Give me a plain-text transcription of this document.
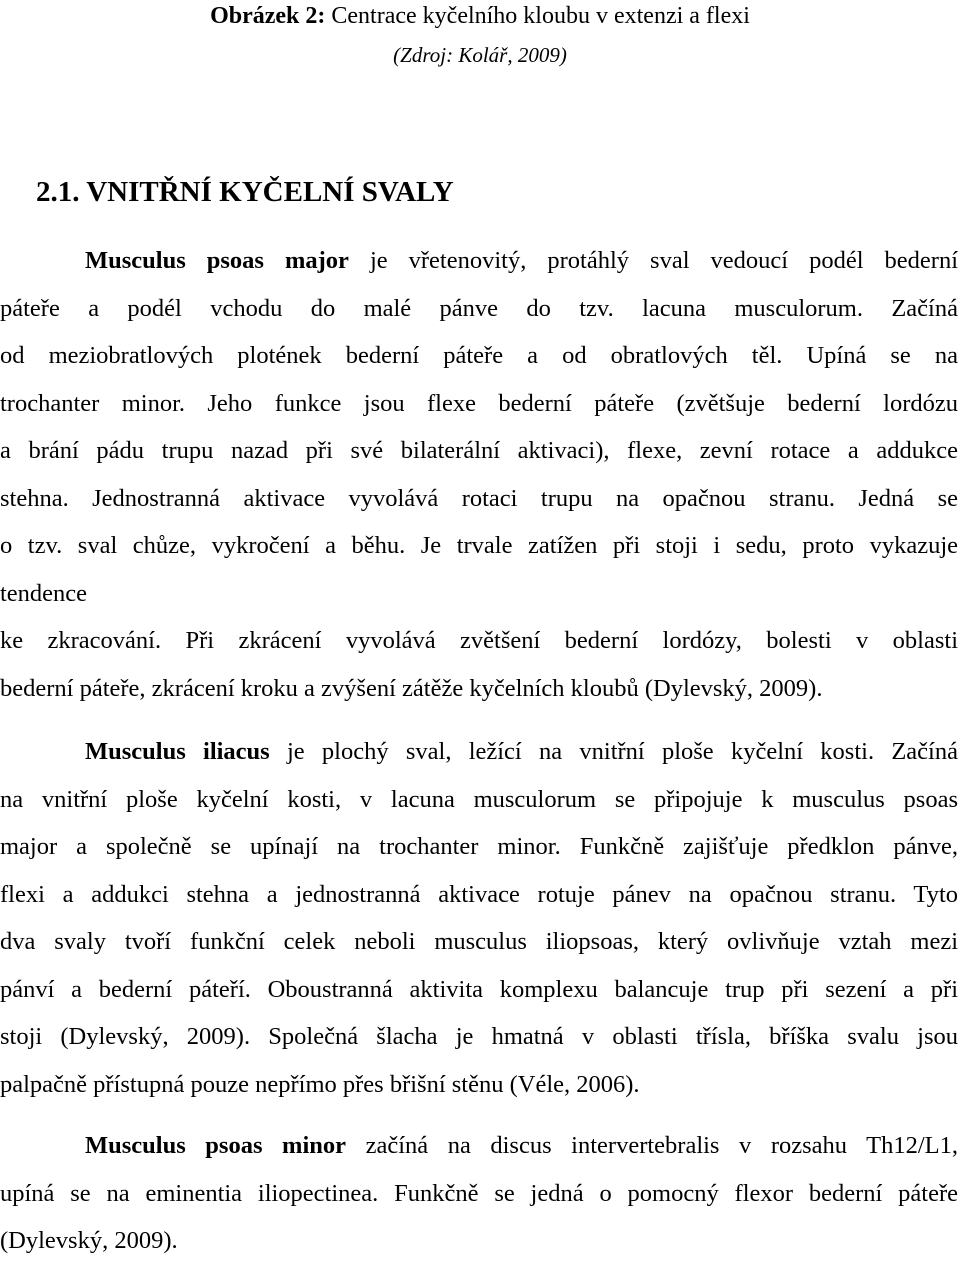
Obrázek 2: Centrace kyčelního kloubu v extenzi a flexi

(Zdroj: Kolář, 2009)

2.1. VNITŘNÍ KYČELNÍ SVALY
Musculus psoas major je vřetenovitý, protáhlý sval vedoucí podél bederní
páteře a podél vchodu do malé pánve do tzv. lacuna musculorum. Začíná
od meziobratlových plotének bederní páteře a od obratlových těl. Upíná se na
trochanter minor. Jeho funkce jsou flexe bederní páteře (zvětšuje bederní lordózu
a brání pádu trupu nazad při své bilaterální aktivaci), flexe, zevní rotace a addukce
stehna. Jednostranná aktivace vyvolává rotaci trupu na opačnou stranu. Jedná se
o tzv. sval chůze, vykročení a běhu. Je trvale zatížen při stoji i sedu, proto vykazuje
tendence
ke zkracování. Při zkrácení vyvolává zvětšení bederní lordózy, bolesti v oblasti
bederní páteře, zkrácení kroku a zvýšení zátěže kyčelních kloubů (Dylevský, 2009).
Musculus iliacus je plochý sval, ležící na vnitřní ploše kyčelní kosti. Začíná
na vnitřní ploše kyčelní kosti, v lacuna musculorum se připojuje k musculus psoas
major a společně se upínají na trochanter minor. Funkčně zajišťuje předklon pánve,
flexi a addukci stehna a jednostranná aktivace rotuje pánev na opačnou stranu. Tyto
dva svaly tvoří funkční celek neboli musculus iliopsoas, který ovlivňuje vztah mezi
pánví a bederní páteří. Oboustranná aktivita komplexu balancuje trup při sezení a při
stoji (Dylevský, 2009). Společná šlacha je hmatná v oblasti třísla, bříška svalu jsou
palpačně přístupná pouze nepřímo přes břišní stěnu (Véle, 2006).
Musculus psoas minor začíná na discus intervertebralis v rozsahu Th12/L1,
upíná se na eminentia iliopectinea. Funkčně se jedná o pomocný flexor bederní páteře
(Dylevský, 2009).
